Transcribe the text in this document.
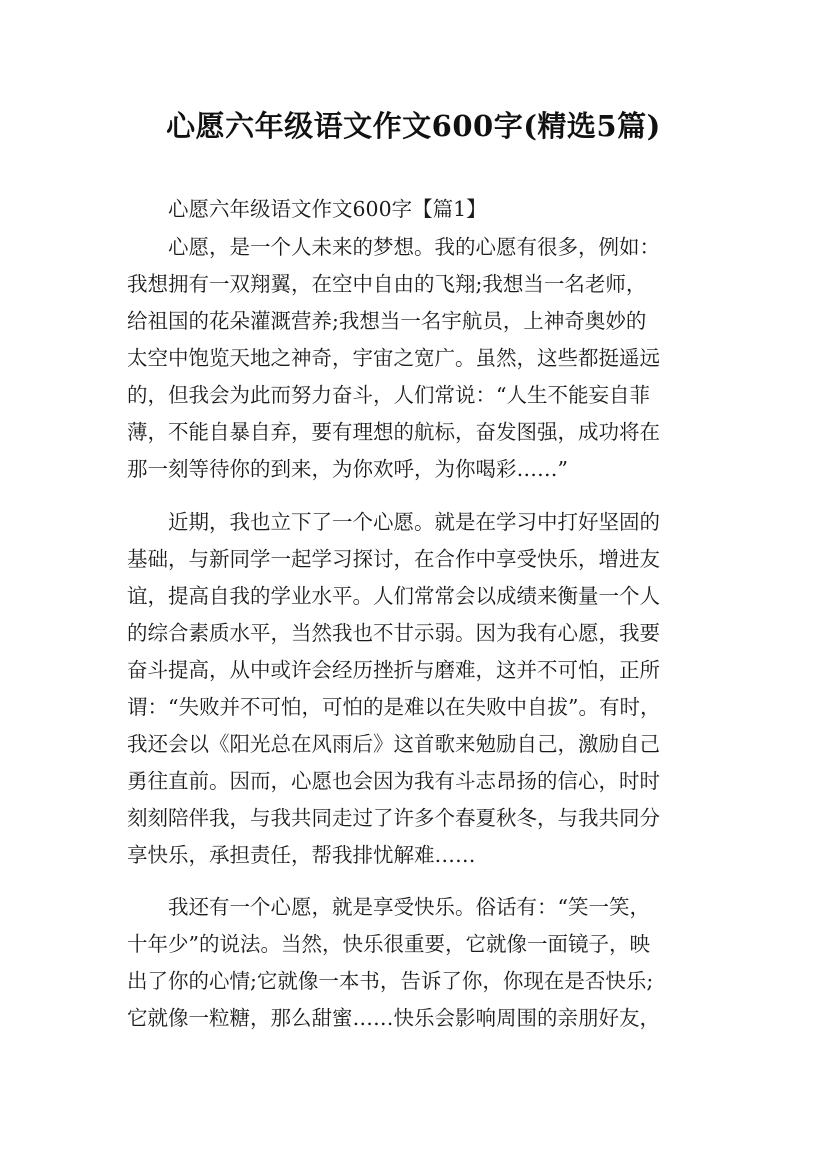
心愿六年级语文作文600字(精选5篇)
心愿六年级语文作文600字【篇1】
心愿，是一个人未来的梦想。我的心愿有很多，例如：
我想拥有一双翔翼，在空中自由的飞翔;我想当一名老师，
给祖国的花朵灌溉营养;我想当一名宇航员，上神奇奥妙的
太空中饱览天地之神奇，宇宙之宽广。虽然，这些都挺遥远
的，但我会为此而努力奋斗，人们常说：“人生不能妄自菲
薄，不能自暴自弃，要有理想的航标，奋发图强，成功将在
那一刻等待你的到来，为你欢呼，为你喝彩……”
近期，我也立下了一个心愿。就是在学习中打好坚固的
基础，与新同学一起学习探讨，在合作中享受快乐，增进友
谊，提高自我的学业水平。人们常常会以成绩来衡量一个人
的综合素质水平，当然我也不甘示弱。因为我有心愿，我要
奋斗提高，从中或许会经历挫折与磨难，这并不可怕，正所
谓：“失败并不可怕，可怕的是难以在失败中自拔”。有时，
我还会以《阳光总在风雨后》这首歌来勉励自己，激励自己
勇往直前。因而，心愿也会因为我有斗志昂扬的信心，时时
刻刻陪伴我，与我共同走过了许多个春夏秋冬，与我共同分
享快乐，承担责任，帮我排忧解难……
我还有一个心愿，就是享受快乐。俗话有：“笑一笑，
十年少”的说法。当然，快乐很重要，它就像一面镜子，映
出了你的心情;它就像一本书，告诉了你，你现在是否快乐;
它就像一粒糖，那么甜蜜……快乐会影响周围的亲朋好友，
